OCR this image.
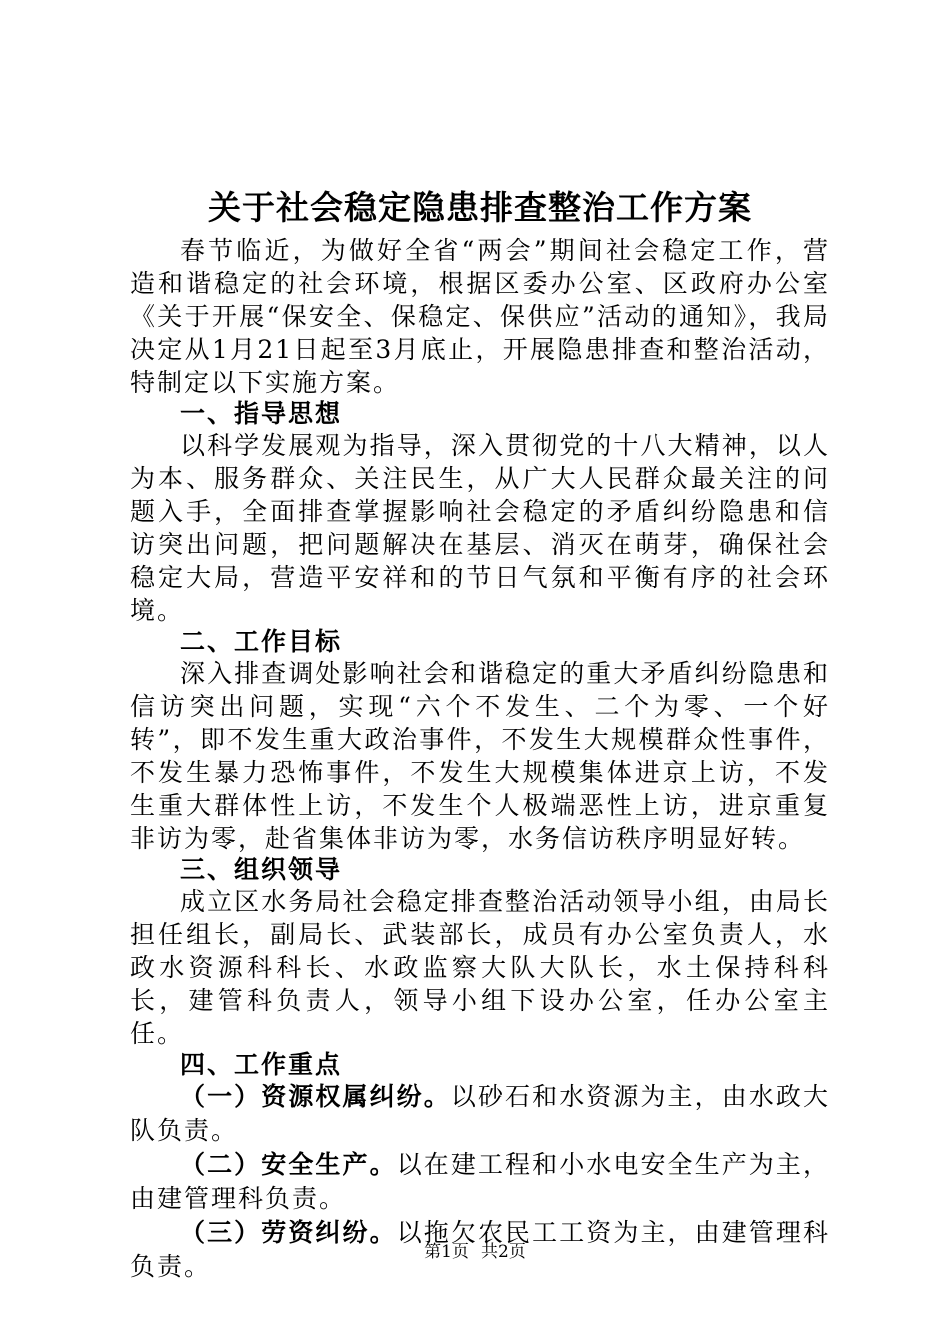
关于社会稳定隐患排查整治工作方案

春节临近，为做好全省“两会”期间社会稳定工作，营造和谐稳定的社会环境，根据区委办公室、区政府办公室《关于开展“保安全、保稳定、保供应”活动的通知》，我局决定从1月21日起至3月底止，开展隐患排查和整治活动，特制定以下实施方案。

一、指导思想

以科学发展观为指导，深入贯彻党的十八大精神，以人为本、服务群众、关注民生，从广大人民群众最关注的问题入手，全面排查掌握影响社会稳定的矛盾纠纷隐患和信访突出问题，把问题解决在基层、消灭在萌芽，确保社会稳定大局，营造平安祥和的节日气氛和平衡有序的社会环境。

二、工作目标

深入排查调处影响社会和谐稳定的重大矛盾纠纷隐患和信访突出问题，实现“六个不发生、二个为零、一个好转”，即不发生重大政治事件，不发生大规模群众性事件，不发生暴力恐怖事件，不发生大规模集体进京上访，不发生重大群体性上访，不发生个人极端恶性上访，进京重复非访为零，赴省集体非访为零，水务信访秩序明显好转。

三、组织领导

成立区水务局社会稳定排查整治活动领导小组，由局长担任组长，副局长、武装部长，成员有办公室负责人，水政水资源科科长、水政监察大队大队长，水土保持科科长，建管科负责人，领导小组下设办公室，任办公室主任。

四、工作重点

（一）资源权属纠纷。以砂石和水资源为主，由水政大队负责。

（二）安全生产。以在建工程和小水电安全生产为主，由建管理科负责。

（三）劳资纠纷。以拖欠农民工工资为主，由建管理科负责。	第1页 共2页
